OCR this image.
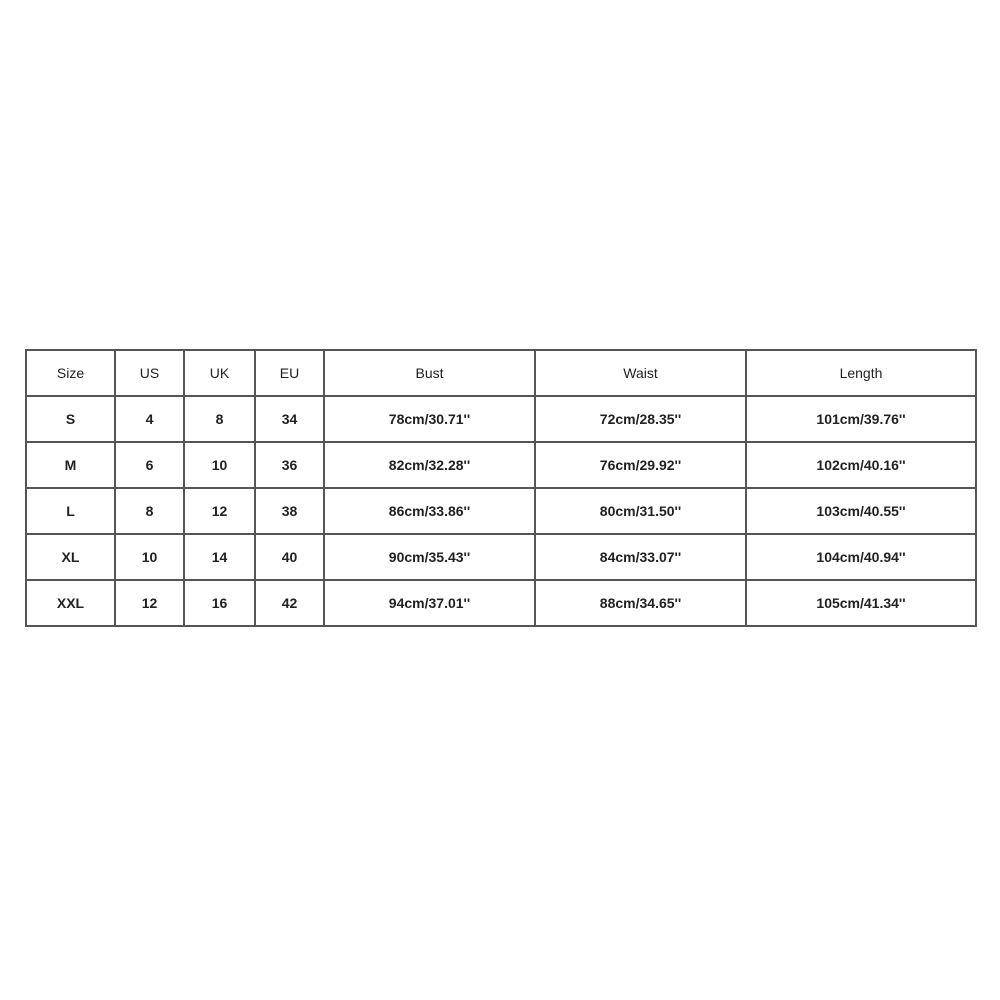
Size	US	UK	EU	Bust	Waist	Length
S	4	8	34	78cm/30.71''	72cm/28.35''	101cm/39.76''
M	6	10	36	82cm/32.28''	76cm/29.92''	102cm/40.16''
L	8	12	38	86cm/33.86''	80cm/31.50''	103cm/40.55''
XL	10	14	40	90cm/35.43''	84cm/33.07''	104cm/40.94''
XXL	12	16	42	94cm/37.01''	88cm/34.65''	105cm/41.34''
